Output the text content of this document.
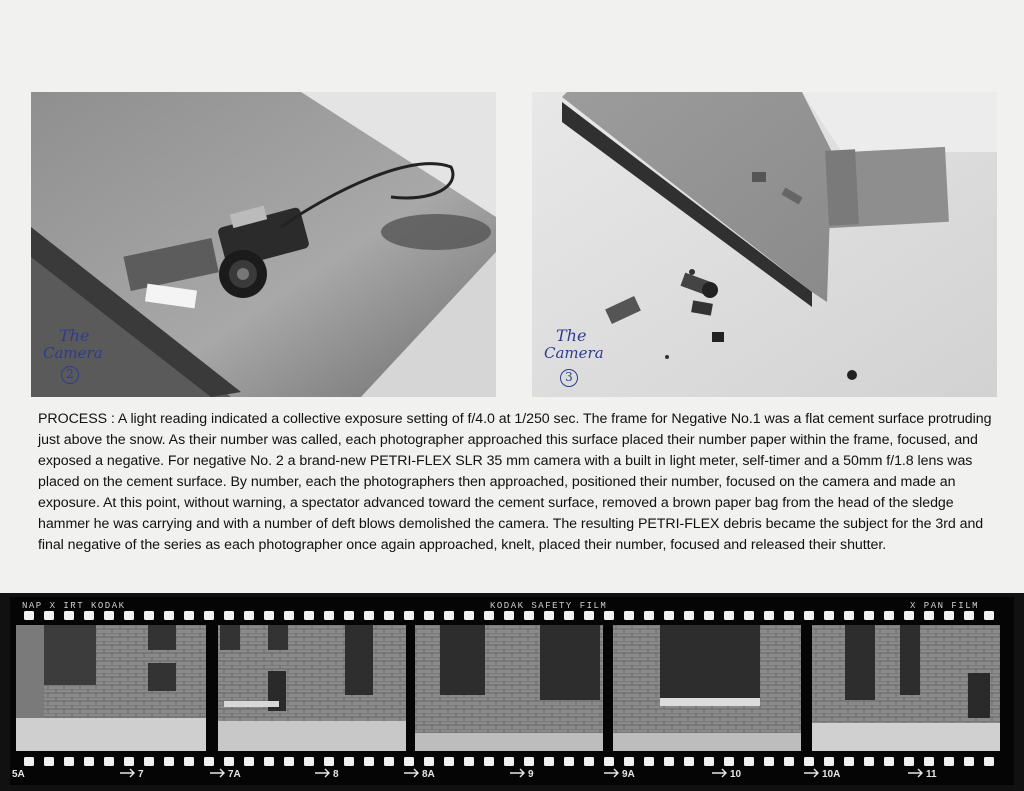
The
Camera
2
The
Camera
3

PROCESS : A light reading indicated a collective exposure setting of f/4.0 at 1/250 sec. The frame for Negative No.1 was a flat cement surface protruding just above the snow. As their number was called, each photographer approached this surface placed their number paper within the frame, focused, and exposed a negative. For negative No. 2 a brand-new PETRI-FLEX SLR 35 mm camera with a built in light meter, self-timer and a 50mm f/1.8 lens was placed on the cement surface. By number, each the photographers then approached, positioned their number, focused on the camera and made an exposure. At this point, without warning, a spectator advanced toward the cement surface, removed a brown paper bag from the head of the sledge hammer he was carrying and with a number of deft blows demolished the camera. The resulting PETRI-FLEX debris became the subject for the 3rd and final negative of the series as each photographer once again approached, knelt, placed their number, focused and released their shutter.

NAP X IRT KODAK	KODAK SAFETY FILM	X PAN FILM
5A	7	7A	8	8A	9	9A	10	10A	11
